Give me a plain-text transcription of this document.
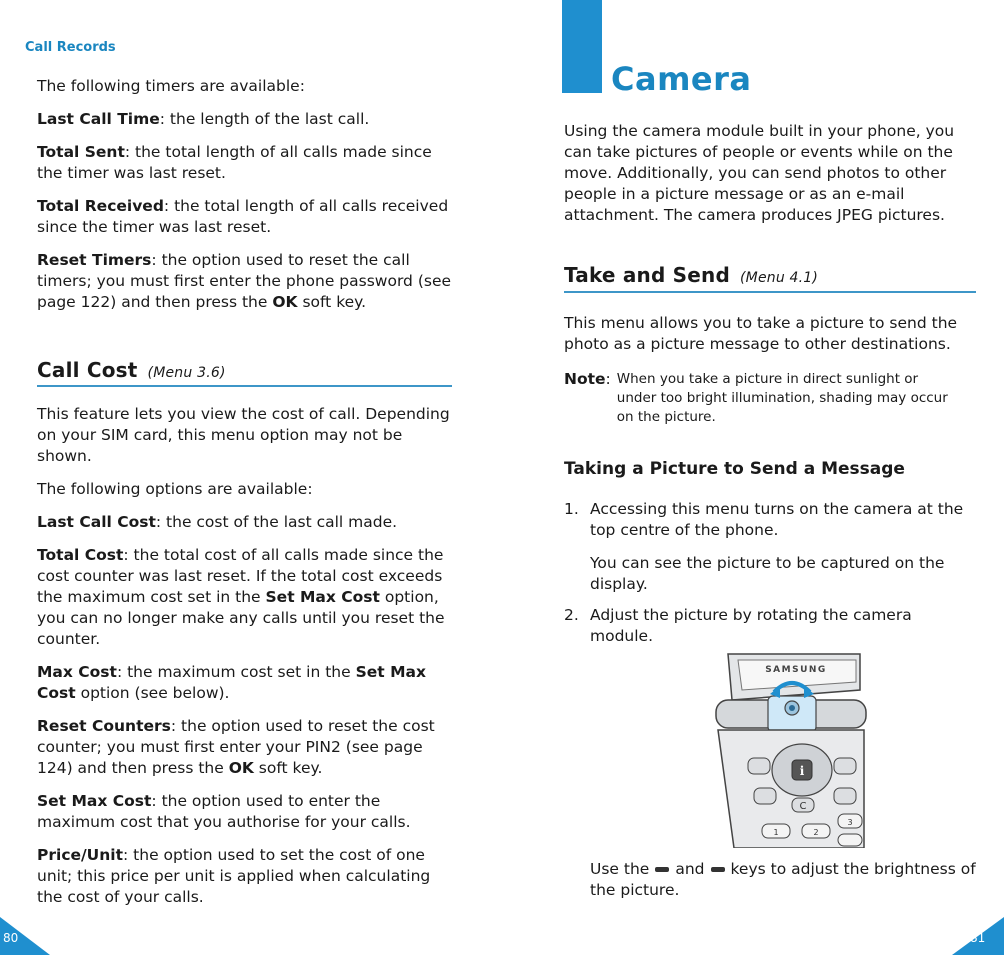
Call Records

The following timers are available:

Last Call Time: the length of the last call.

Total Sent: the total length of all calls made since the timer was last reset.

Total Received: the total length of all calls received since the timer was last reset.

Reset Timers: the option used to reset the call timers; you must first enter the phone password (see page 122) and then press the OK soft key.

Call Cost (Menu 3.6)

This feature lets you view the cost of call. Depending on your SIM card, this menu option may not be shown.

The following options are available:

Last Call Cost: the cost of the last call made.

Total Cost: the total cost of all calls made since the cost counter was last reset. If the total cost exceeds the maximum cost set in the Set Max Cost option, you can no longer make any calls until you reset the counter.

Max Cost: the maximum cost set in the Set Max Cost option (see below).

Reset Counters: the option used to reset the cost counter; you must first enter your PIN2 (see page 124) and then press the OK soft key.

Set Max Cost: the option used to enter the maximum cost that you authorise for your calls.

Price/Unit: the option used to set the cost of one unit; this price per unit is applied when calculating the cost of your calls.

80
Camera

Using the camera module built in your phone, you can take pictures of people or events while on the move. Additionally, you can send photos to other people in a picture message or as an e-mail attachment. The camera produces JPEG pictures.

Take and Send (Menu 4.1)

This menu allows you to take a picture to send the photo as a picture message to other destinations.

Note: When you take a picture in direct sunlight or under too bright illumination, shading may occur on the picture.
Taking a Picture to Send a Message
1. Accessing this menu turns on the camera at the top centre of the phone.

You can see the picture to be captured on the display.

2. Adjust the picture by rotating the camera module.

SAMSUNG
i
C
1	2
3
Use the and keys to adjust the brightness of the picture.
81
